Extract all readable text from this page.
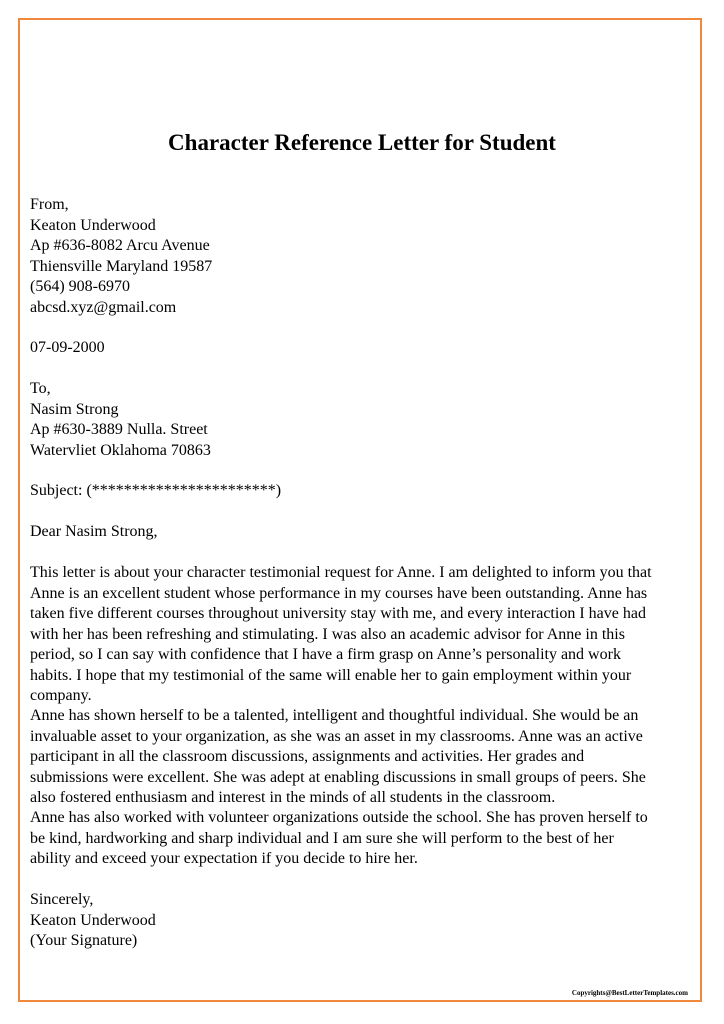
Character Reference Letter for Student
From,
Keaton Underwood
Ap #636-8082 Arcu Avenue
Thiensville Maryland 19587
(564) 908-6970
abcsd.xyz@gmail.com
07-09-2000
To,
Nasim Strong
Ap #630-3889 Nulla. Street
Watervliet Oklahoma 70863
Subject: (***********************)
Dear Nasim Strong,
This letter is about your character testimonial request for Anne. I am delighted to inform you that
Anne is an excellent student whose performance in my courses have been outstanding. Anne has
taken five different courses throughout university stay with me, and every interaction I have had
with her has been refreshing and stimulating. I was also an academic advisor for Anne in this
period, so I can say with confidence that I have a firm grasp on Anne’s personality and work
habits. I hope that my testimonial of the same will enable her to gain employment within your
company.
Anne has shown herself to be a talented, intelligent and thoughtful individual. She would be an
invaluable asset to your organization, as she was an asset in my classrooms. Anne was an active
participant in all the classroom discussions, assignments and activities. Her grades and
submissions were excellent. She was adept at enabling discussions in small groups of peers. She
also fostered enthusiasm and interest in the minds of all students in the classroom.
Anne has also worked with volunteer organizations outside the school. She has proven herself to
be kind, hardworking and sharp individual and I am sure she will perform to the best of her
ability and exceed your expectation if you decide to hire her.
Sincerely,
Keaton Underwood
(Your Signature)
Copyrights@BestLetterTemplates.com
